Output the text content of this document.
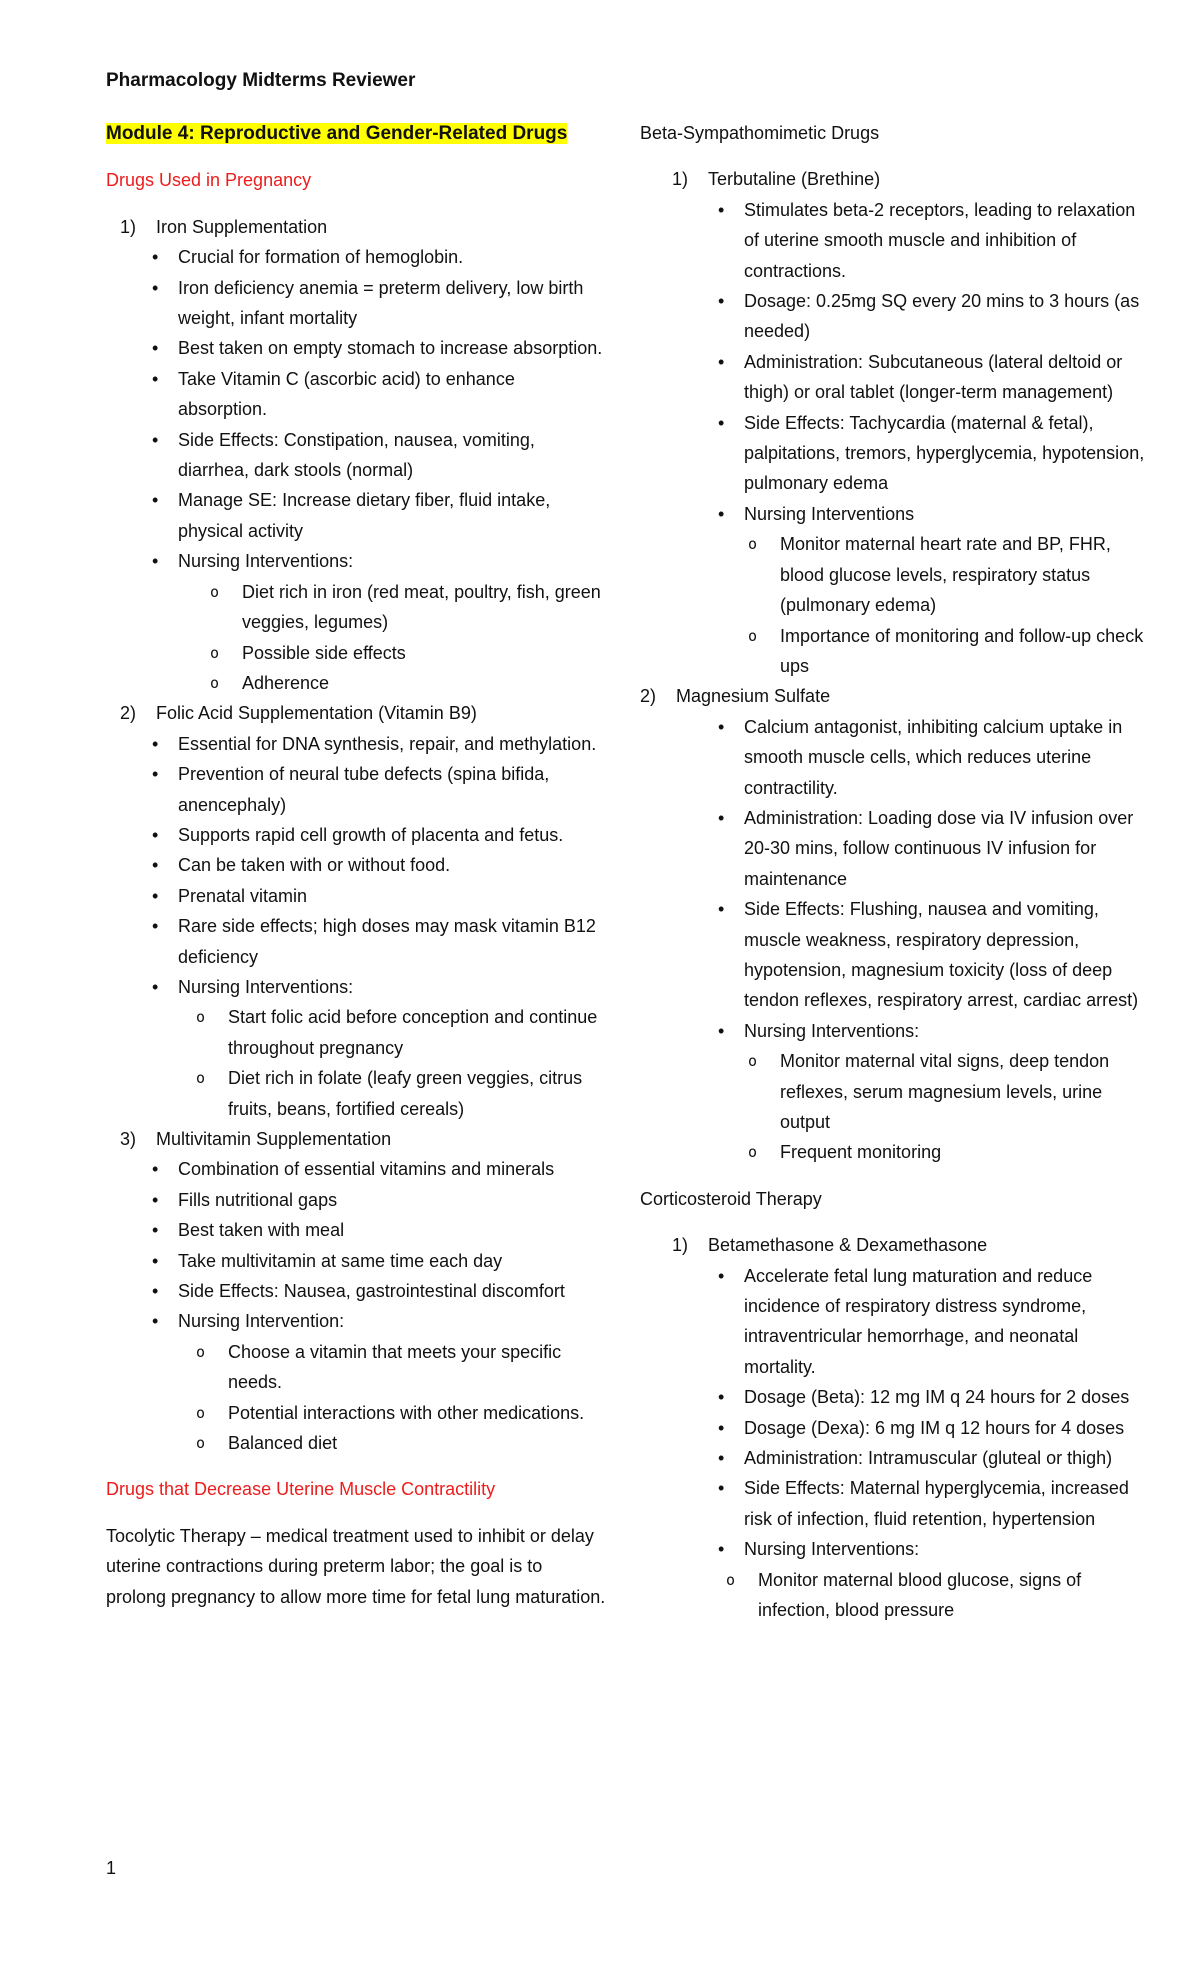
Pharmacology Midterms Reviewer

Module 4: Reproductive and Gender-Related Drugs

Drugs Used in Pregnancy

1) Iron Supplementation
• Crucial for formation of hemoglobin.
• Iron deficiency anemia = preterm delivery, low birth weight, infant mortality
• Best taken on empty stomach to increase absorption.
• Take Vitamin C (ascorbic acid) to enhance absorption.
• Side Effects: Constipation, nausea, vomiting, diarrhea, dark stools (normal)
• Manage SE: Increase dietary fiber, fluid intake, physical activity
• Nursing Interventions:
o Diet rich in iron (red meat, poultry, fish, green veggies, legumes)
o Possible side effects
o Adherence
2) Folic Acid Supplementation (Vitamin B9)
• Essential for DNA synthesis, repair, and methylation.
• Prevention of neural tube defects (spina bifida, anencephaly)
• Supports rapid cell growth of placenta and fetus.
• Can be taken with or without food.
• Prenatal vitamin
• Rare side effects; high doses may mask vitamin B12 deficiency
• Nursing Interventions:
o Start folic acid before conception and continue throughout pregnancy
o Diet rich in folate (leafy green veggies, citrus fruits, beans, fortified cereals)
3) Multivitamin Supplementation
• Combination of essential vitamins and minerals
• Fills nutritional gaps
• Best taken with meal
• Take multivitamin at same time each day
• Side Effects: Nausea, gastrointestinal discomfort
• Nursing Intervention:
o Choose a vitamin that meets your specific needs.
o Potential interactions with other medications.
o Balanced diet

Drugs that Decrease Uterine Muscle Contractility

Tocolytic Therapy – medical treatment used to inhibit or delay uterine contractions during preterm labor; the goal is to prolong pregnancy to allow more time for fetal lung maturation.

Beta-Sympathomimetic Drugs

1) Terbutaline (Brethine)
• Stimulates beta-2 receptors, leading to relaxation of uterine smooth muscle and inhibition of contractions.
• Dosage: 0.25mg SQ every 20 mins to 3 hours (as needed)
• Administration: Subcutaneous (lateral deltoid or thigh) or oral tablet (longer-term management)
• Side Effects: Tachycardia (maternal & fetal), palpitations, tremors, hyperglycemia, hypotension, pulmonary edema
• Nursing Interventions
o Monitor maternal heart rate and BP, FHR, blood glucose levels, respiratory status (pulmonary edema)
o Importance of monitoring and follow-up check ups
2) Magnesium Sulfate
• Calcium antagonist, inhibiting calcium uptake in smooth muscle cells, which reduces uterine contractility.
• Administration: Loading dose via IV infusion over 20-30 mins, follow continuous IV infusion for maintenance
• Side Effects: Flushing, nausea and vomiting, muscle weakness, respiratory depression, hypotension, magnesium toxicity (loss of deep tendon reflexes, respiratory arrest, cardiac arrest)
• Nursing Interventions:
o Monitor maternal vital signs, deep tendon reflexes, serum magnesium levels, urine output
o Frequent monitoring

Corticosteroid Therapy

1) Betamethasone & Dexamethasone
• Accelerate fetal lung maturation and reduce incidence of respiratory distress syndrome, intraventricular hemorrhage, and neonatal mortality.
• Dosage (Beta): 12 mg IM q 24 hours for 2 doses
• Dosage (Dexa): 6 mg IM q 12 hours for 4 doses
• Administration: Intramuscular (gluteal or thigh)
• Side Effects: Maternal hyperglycemia, increased risk of infection, fluid retention, hypertension
• Nursing Interventions:
o Monitor maternal blood glucose, signs of infection, blood pressure
1
